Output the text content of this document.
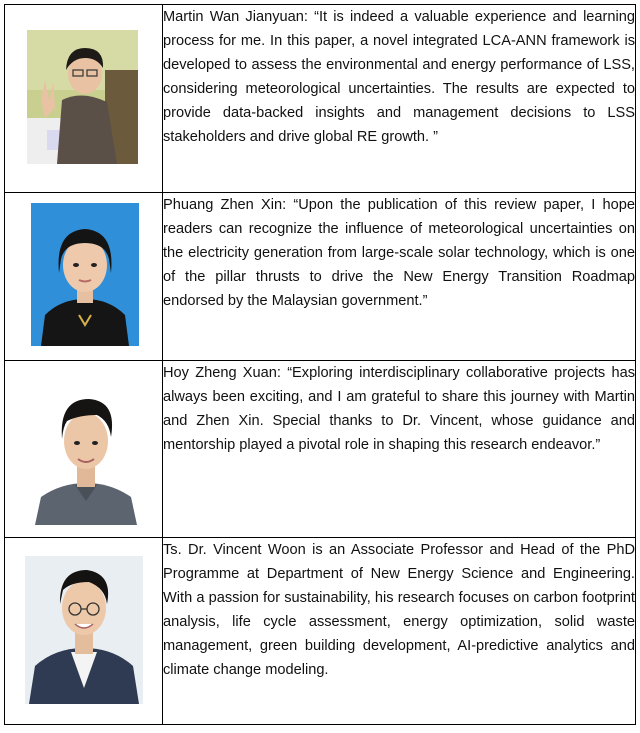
Martin Wan Jianyuan: “It is indeed a valuable experience and learning process for me. In this paper, a novel integrated LCA-ANN framework is developed to assess the environmental and energy performance of LSS, considering meteorological uncertainties. The results are expected to provide data-backed insights and management decisions to LSS stakeholders and drive global RE growth. ”

Phuang Zhen Xin: “Upon the publication of this review paper, I hope readers can recognize the influence of meteorological uncertainties on the electricity generation from large-scale solar technology, which is one of the pillar thrusts to drive the New Energy Transition Roadmap endorsed by the Malaysian government.”

Hoy Zheng Xuan: “Exploring interdisciplinary collaborative projects has always been exciting, and I am grateful to share this journey with Martin and Zhen Xin. Special thanks to Dr. Vincent, whose guidance and mentorship played a pivotal role in shaping this research endeavor.”

Ts. Dr. Vincent Woon is an Associate Professor and Head of the PhD Programme at Department of New Energy Science and Engineering. With a passion for sustainability, his research focuses on carbon footprint analysis, life cycle assessment, energy optimization, solid waste management, green building development, AI-predictive analytics and climate change modeling.
